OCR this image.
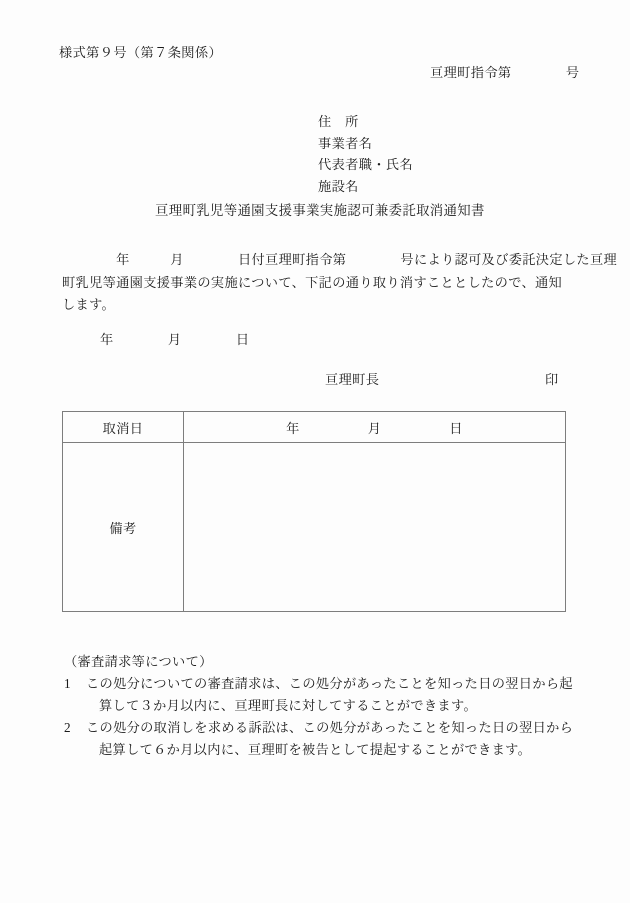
様式第９号（第７条関係）
亘理町指令第　　　　号
住　所
事業者名
代表者職・氏名
施設名
亘理町乳児等通園支援事業実施認可兼委託取消通知書
　　　　年　　　月　　　　日付亘理町指令第　　　　号により認可及び委託決定した亘理
町乳児等通園支援事業の実施について、下記の通り取り消すこととしたので、通知
します。
年　　　　月　　　　日
亘理町長	印
取消日	年　　　　　月　　　　　日
備考	
（審査請求等について）
1	この処分についての審査請求は、この処分があったことを知った日の翌日から起
算して３か月以内に、亘理町長に対してすることができます。
2	この処分の取消しを求める訴訟は、この処分があったことを知った日の翌日から
起算して６か月以内に、亘理町を被告として提起することができます。
